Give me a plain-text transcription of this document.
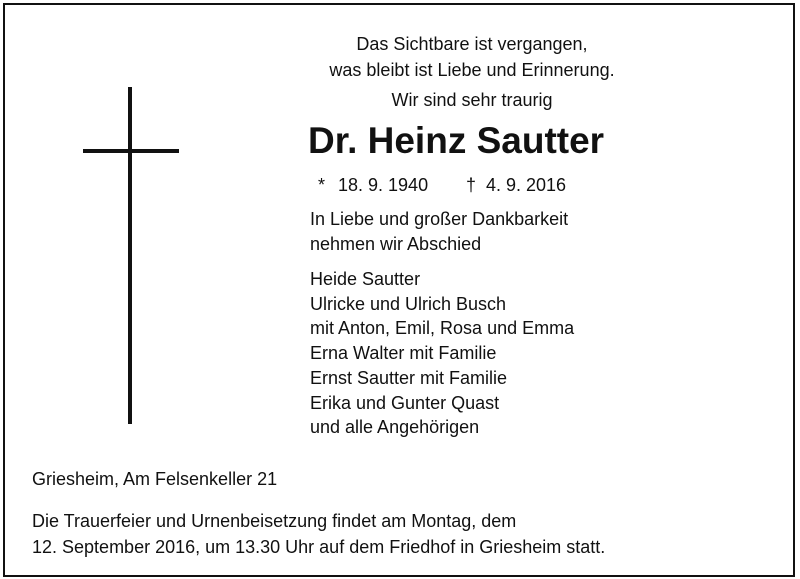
Das Sichtbare ist vergangen,
was bleibt ist Liebe und Erinnerung.
Wir sind sehr traurig
Dr. Heinz Sautter
* 18. 9. 1940 † 4. 9. 2016
In Liebe und großer Dankbarkeit
nehmen wir Abschied
Heide Sautter
Ulricke und Ulrich Busch
mit Anton, Emil, Rosa und Emma
Erna Walter mit Familie
Ernst Sautter mit Familie
Erika und Gunter Quast
und alle Angehörigen
Griesheim, Am Felsenkeller 21
Die Trauerfeier und Urnenbeisetzung findet am Montag, dem
12. September 2016, um 13.30 Uhr auf dem Friedhof in Griesheim statt.
